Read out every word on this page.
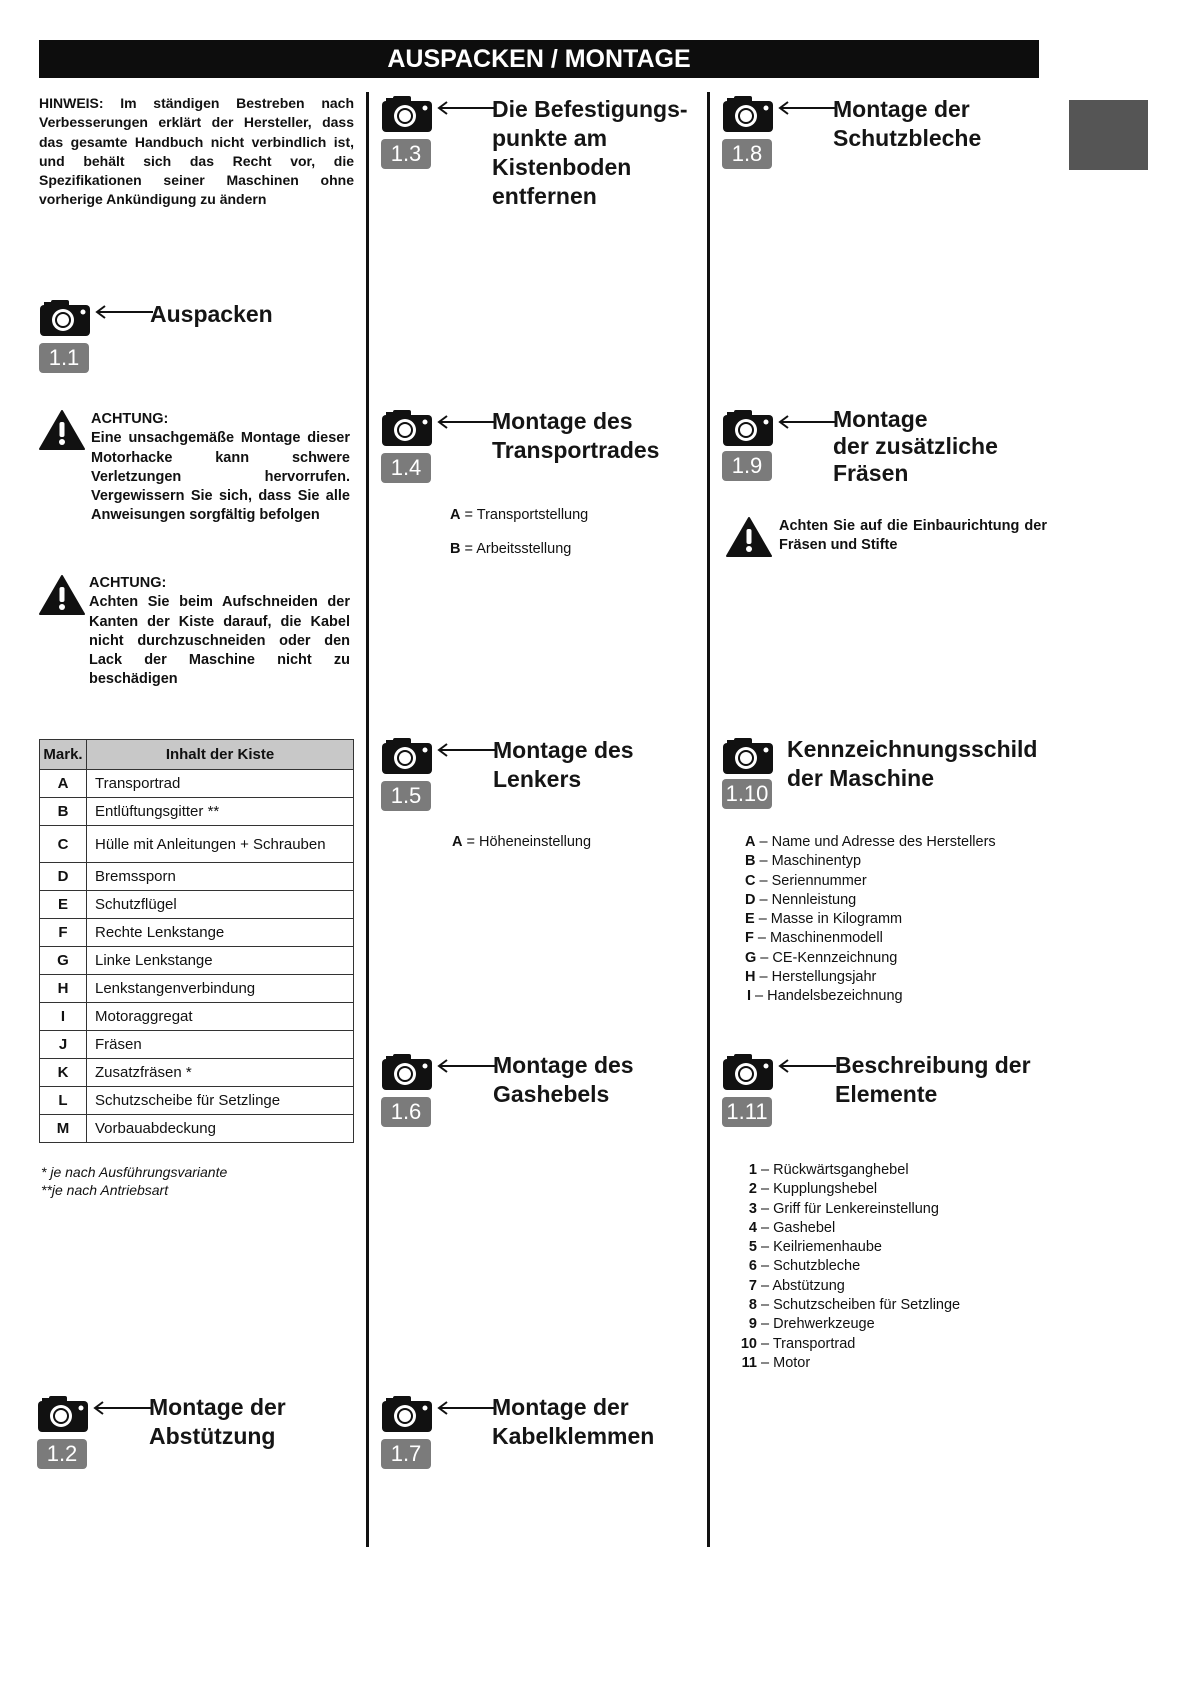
AUSPACKEN / MONTAGE
HINWEIS: Im ständigen Bestreben nach Verbesserungen erklärt der Hersteller, dass das gesamte Handbuch nicht verbindlich ist, und behält sich das Recht vor, die Spezifikationen seiner Maschinen ohne vorherige Ankündigung zu ändern
1.1
Auspacken
ACHTUNG:
Eine unsachgemäße Montage dieser Motorhacke kann schwere Verletzungen hervorrufen. Vergewissern Sie sich, dass Sie alle Anweisungen sorgfältig befolgen
ACHTUNG:
Achten Sie beim Aufschneiden der Kanten der Kiste darauf, die Kabel nicht durchzuschneiden oder den Lack der Maschine nicht zu beschädigen
Mark.	Inhalt der Kiste
A	Transportrad
B	Entlüftungsgitter **
C	Hülle mit Anleitungen + Schrauben
D	Bremssporn
E	Schutzflügel
F	Rechte Lenkstange
G	Linke Lenkstange
H	Lenkstangenverbindung
I	Motoraggregat
J	Fräsen
K	Zusatzfräsen *
L	Schutzscheibe für Setzlinge
M	Vorbauabdeckung
* je nach Ausführungsvariante
**je nach Antriebsart
1.2
Montage der
Abstützung
1.3
Die Befestigungs-
punkte am
Kistenboden
entfernen
1.4
Montage des
Transportrades
A = Transportstellung
B = Arbeitsstellung
1.5
Montage des
Lenkers
A = Höheneinstellung
1.6
Montage des
Gashebels
1.7
Montage der
Kabelklemmen
1.8
Montage der
Schutzbleche
1.9
Montage
der zusätzliche
Fräsen
Achten Sie auf die Einbaurichtung der Fräsen und Stifte
1.10
Kennzeichnungsschild
der Maschine
A – Name und Adresse des Herstellers
B – Maschinentyp
C – Seriennummer
D – Nennleistung
E – Masse in Kilogramm
F – Maschinenmodell
G – CE-Kennzeichnung
H – Herstellungsjahr
I – Handelsbezeichnung
1.11
Beschreibung der
Elemente
1 – Rückwärtsganghebel
2 – Kupplungshebel
3 – Griff für Lenkereinstellung
4 – Gashebel
5 – Keilriemenhaube
6 – Schutzbleche
7 – Abstützung
8 – Schutzscheiben für Setzlinge
9 – Drehwerkzeuge
10 – Transportrad
11 – Motor
